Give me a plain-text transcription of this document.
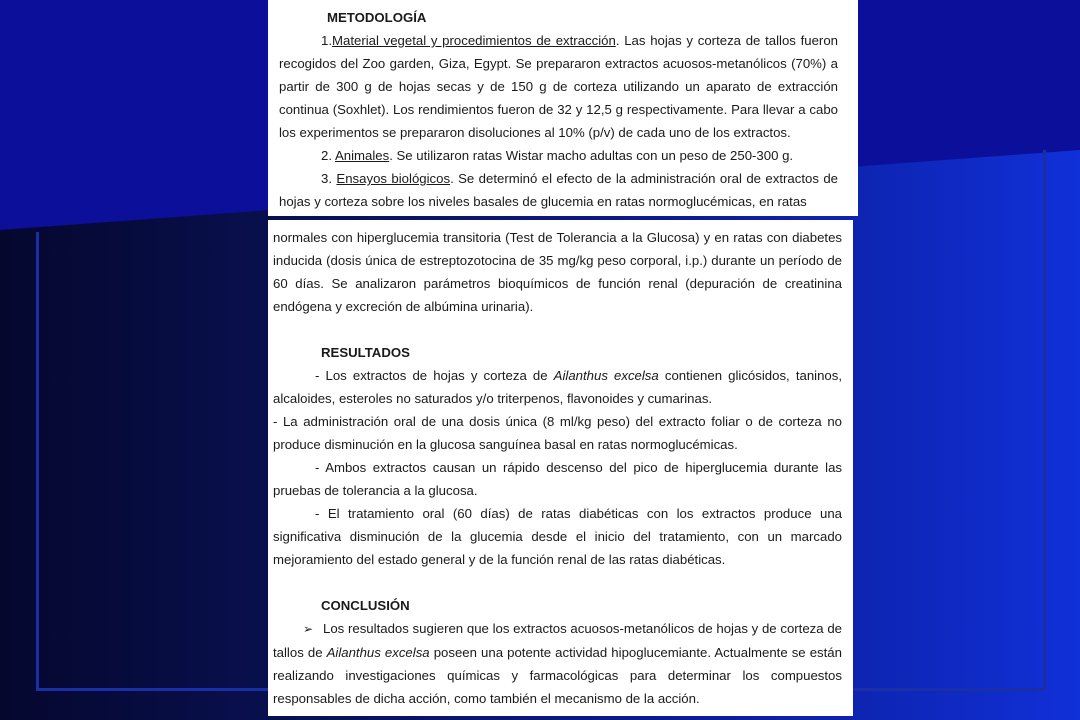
METODOLOGÍA

1.Material vegetal y procedimientos de extracción. Las hojas y corteza de tallos fueron recogidos del Zoo garden, Giza, Egypt. Se prepararon extractos acuosos-metanólicos (70%) a partir de 300 g de hojas secas y de 150 g de corteza utilizando un aparato de extracción continua (Soxhlet). Los rendimientos fueron de 32 y 12,5 g respectivamente. Para llevar a cabo los experimentos se prepararon disoluciones al 10% (p/v) de cada uno de los extractos.

2. Animales. Se utilizaron ratas Wistar macho adultas con un peso de 250-300 g.

3. Ensayos biológicos. Se determinó el efecto de la administración oral de extractos de hojas y corteza sobre los niveles basales de glucemia en ratas normoglucémicas, en ratas

normales con hiperglucemia transitoria (Test de Tolerancia a la Glucosa) y en ratas con diabetes inducida (dosis única de estreptozotocina de 35 mg/kg peso corporal, i.p.) durante un período de 60 días. Se analizaron parámetros bioquímicos de función renal (depuración de creatinina endógena y excreción de albúmina urinaria).

RESULTADOS

- Los extractos de hojas y corteza de Ailanthus excelsa contienen glicósidos, taninos, alcaloides, esteroles no saturados y/o triterpenos, flavonoides y cumarinas.

- La administración oral de una dosis única (8 ml/kg peso) del extracto foliar o de corteza no produce disminución en la glucosa sanguínea basal en ratas normoglucémicas.

- Ambos extractos causan un rápido descenso del pico de hiperglucemia durante las pruebas de tolerancia a la glucosa.

- El tratamiento oral (60 días) de ratas diabéticas con los extractos produce una significativa disminución de la glucemia desde el inicio del tratamiento, con un marcado mejoramiento del estado general y de la función renal de las ratas diabéticas.

CONCLUSIÓN

➢ Los resultados sugieren que los extractos acuosos-metanólicos de hojas y de corteza de tallos de Ailanthus excelsa poseen una potente actividad hipoglucemiante. Actualmente se están realizando investigaciones químicas y farmacológicas para determinar los compuestos responsables de dicha acción, como también el mecanismo de la acción.
